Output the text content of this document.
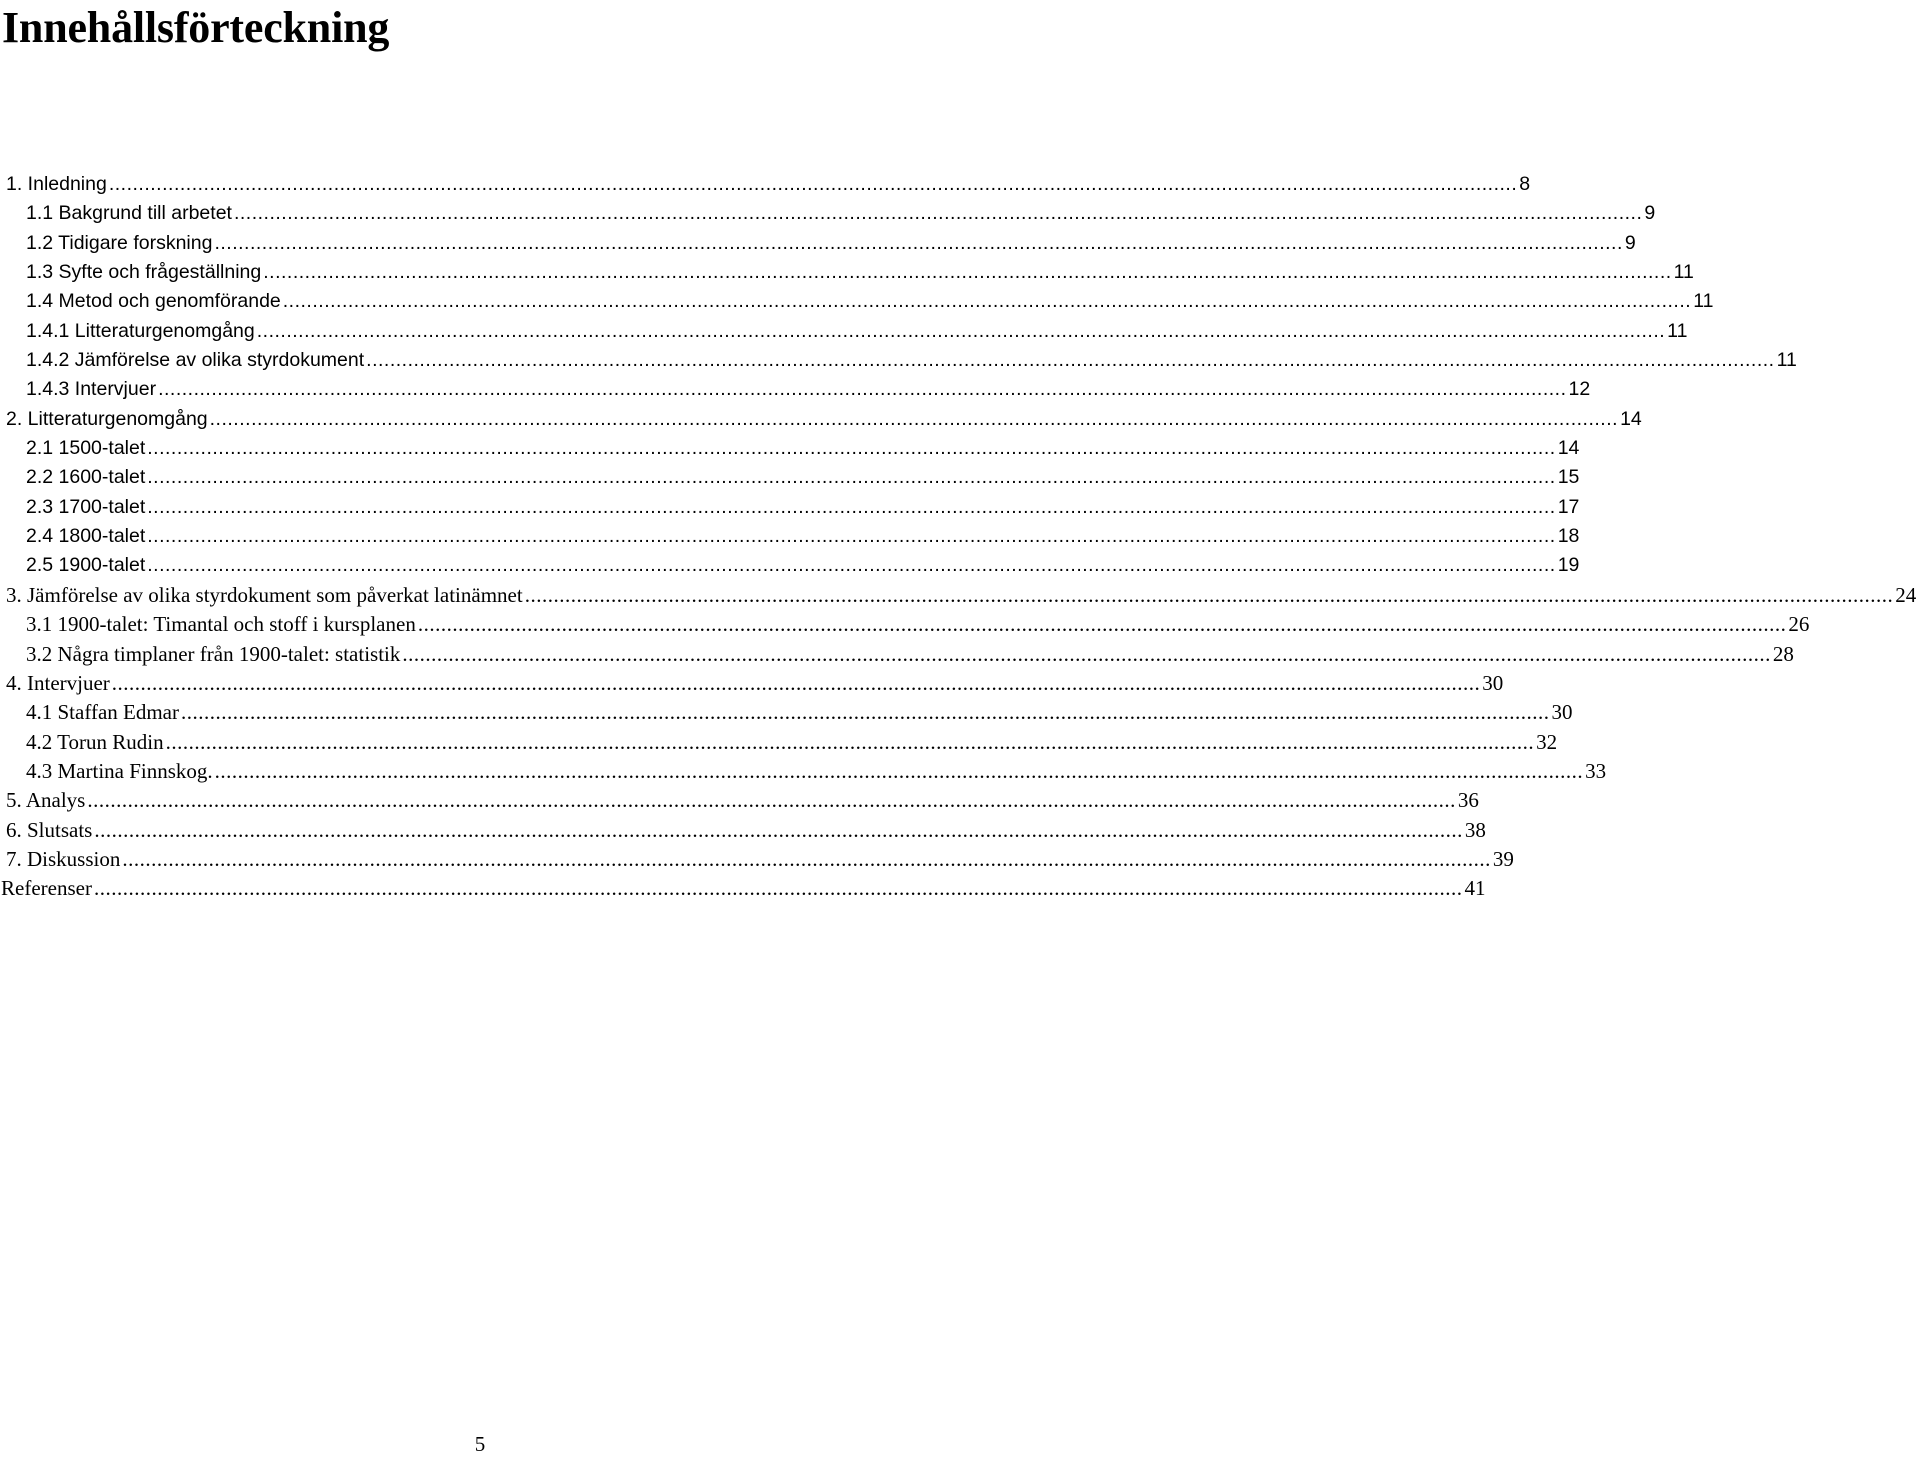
Innehållsförteckning
1. Inledning .....	8
1.1 Bakgrund till arbetet .....	9
1.2 Tidigare forskning .....	9
1.3 Syfte och frågeställning .....	11
1.4 Metod och genomförande .....	11
1.4.1 Litteraturgenomgång .....	11
1.4.2 Jämförelse av olika styrdokument .....	11
1.4.3 Intervjuer .....	12
2. Litteraturgenomgång .....	14
2.1 1500-talet .....	14
2.2 1600-talet .....	15
2.3 1700-talet .....	17
2.4 1800-talet .....	18
2.5 1900-talet .....	19
3. Jämförelse av olika styrdokument som påverkat latinämnet .....	24
3.1 1900-talet: Timantal och stoff i kursplanen .....	26
3.2 Några timplaner från 1900-talet: statistik .....	28
4. Intervjuer .....	30
4.1 Staffan Edmar .....	30
4.2 Torun Rudin .....	32
4.3 Martina Finnskog. .....	33
5. Analys .....	36
6. Slutsats .....	38
7. Diskussion .....	39
Referenser .....	41

5
